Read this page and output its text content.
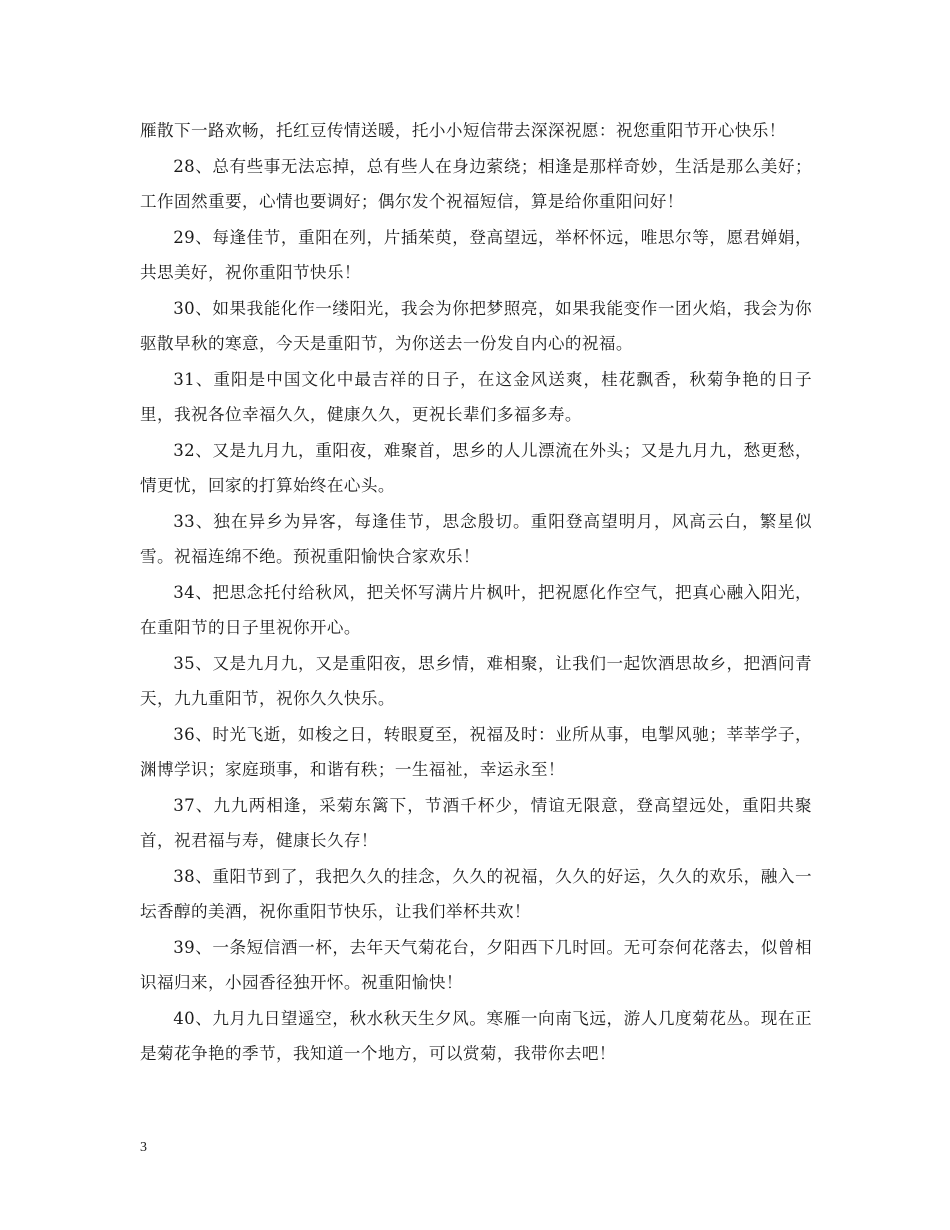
雁散下一路欢畅，托红豆传情送暖，托小小短信带去深深祝愿：祝您重阳节开心快乐！

28、总有些事无法忘掉，总有些人在身边萦绕；相逢是那样奇妙，生活是那么美好；工作固然重要，心情也要调好；偶尔发个祝福短信，算是给你重阳问好！

29、每逢佳节，重阳在列，片插茱萸，登高望远，举杯怀远，唯思尔等，愿君婵娟，共思美好，祝你重阳节快乐！

30、如果我能化作一缕阳光，我会为你把梦照亮，如果我能变作一团火焰，我会为你驱散早秋的寒意，今天是重阳节，为你送去一份发自内心的祝福。

31、重阳是中国文化中最吉祥的日子，在这金风送爽，桂花飘香，秋菊争艳的日子里，我祝各位幸福久久，健康久久，更祝长辈们多福多寿。

32、又是九月九，重阳夜，难聚首，思乡的人儿漂流在外头；又是九月九，愁更愁，情更忧，回家的打算始终在心头。

33、独在异乡为异客，每逢佳节，思念殷切。重阳登高望明月，风高云白，繁星似雪。祝福连绵不绝。预祝重阳愉快合家欢乐！

34、把思念托付给秋风，把关怀写满片片枫叶，把祝愿化作空气，把真心融入阳光，在重阳节的日子里祝你开心。

35、又是九月九，又是重阳夜，思乡情，难相聚，让我们一起饮酒思故乡，把酒问青天，九九重阳节，祝你久久快乐。

36、时光飞逝，如梭之日，转眼夏至，祝福及时：业所从事，电掣风驰；莘莘学子，渊博学识；家庭琐事，和谐有秩；一生福祉，幸运永至！

37、九九两相逢，采菊东篱下，节酒千杯少，情谊无限意，登高望远处，重阳共聚首，祝君福与寿，健康长久存！

38、重阳节到了，我把久久的挂念，久久的祝福，久久的好运，久久的欢乐，融入一坛香醇的美酒，祝你重阳节快乐，让我们举杯共欢！

39、一条短信酒一杯，去年天气菊花台，夕阳西下几时回。无可奈何花落去，似曾相识福归来，小园香径独开怀。祝重阳愉快！

40、九月九日望遥空，秋水秋天生夕风。寒雁一向南飞远，游人几度菊花丛。现在正是菊花争艳的季节，我知道一个地方，可以赏菊，我带你去吧！

3
